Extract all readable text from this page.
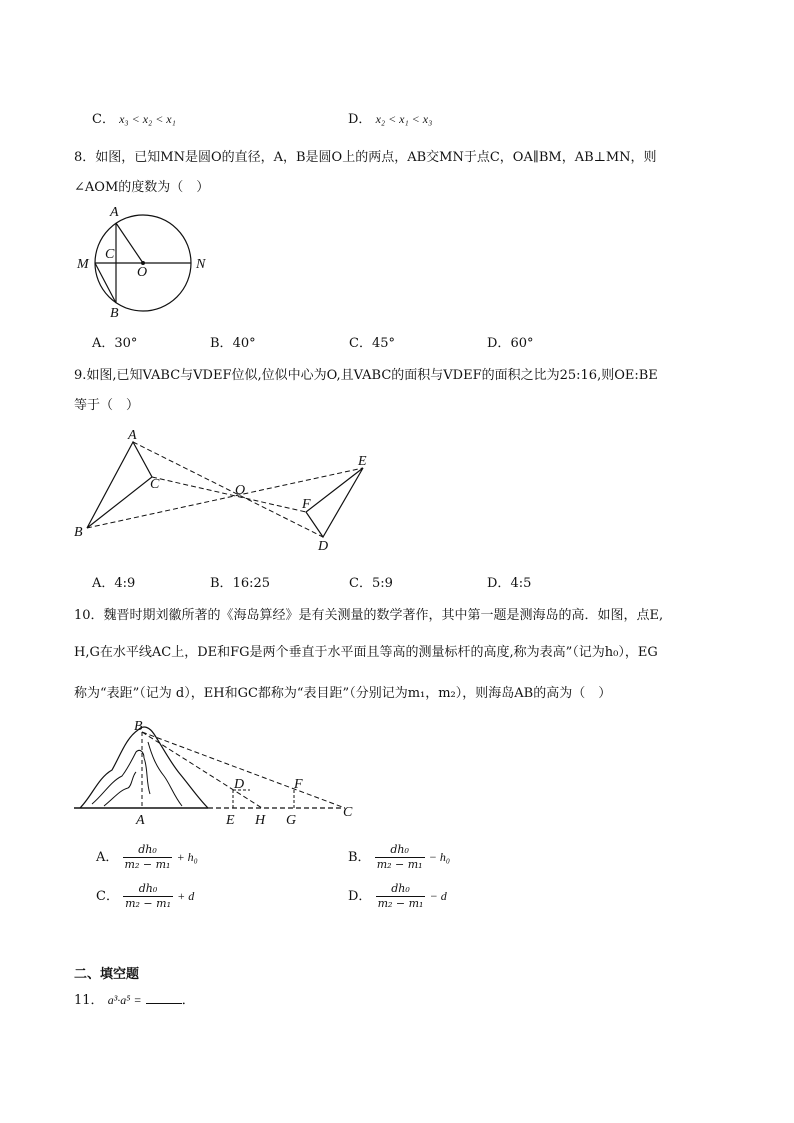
C． x₃ < x₂ < x₁	D． x₂ < x₁ < x₃
8．如图，已知MN是圆O的直径，A，B是圆O上的两点，AB交MN于点C，OA∥BM，AB⊥MN，则
∠AOM的度数为（　）
A
B
C
M	N
O
A．30°	B．40°	C．45°	D．60°
9.如图,已知VABC与VDEF位似,位似中心为O,且VABC的面积与VDEF的面积之比为25:16,则OE:BE
等于（　）
A
B
C
D
E
F
O
A．4:9	B．16:25	C．5:9	D．4:5
10．魏晋时期刘徽所著的《海岛算经》是有关测量的数学著作，其中第一题是测海岛的高．如图，点E,
H,G在水平线AC上，DE和FG是两个垂直于水平面且等高的测量标杆的高度,称为表高”（记为h₀），EG
称为“表距”（记为 d），EH和GC都称为“表目距”（分别记为m₁，m₂），则海岛AB的高为（　）
B
A
D	F
E H G
C
A． $\frac{\text{dh₀}}{\text{m₂ − m₁}} + h_0$	B． $\frac{\text{dh₀}}{\text{m₂ − m₁}} - h_0$
C． $\frac{\text{dh₀}}{\text{m₂ − m₁}} + d$	D． $\frac{\text{dh₀}}{\text{m₂ − m₁}} - d$
二、填空题
11． a³·a⁵ =	．
